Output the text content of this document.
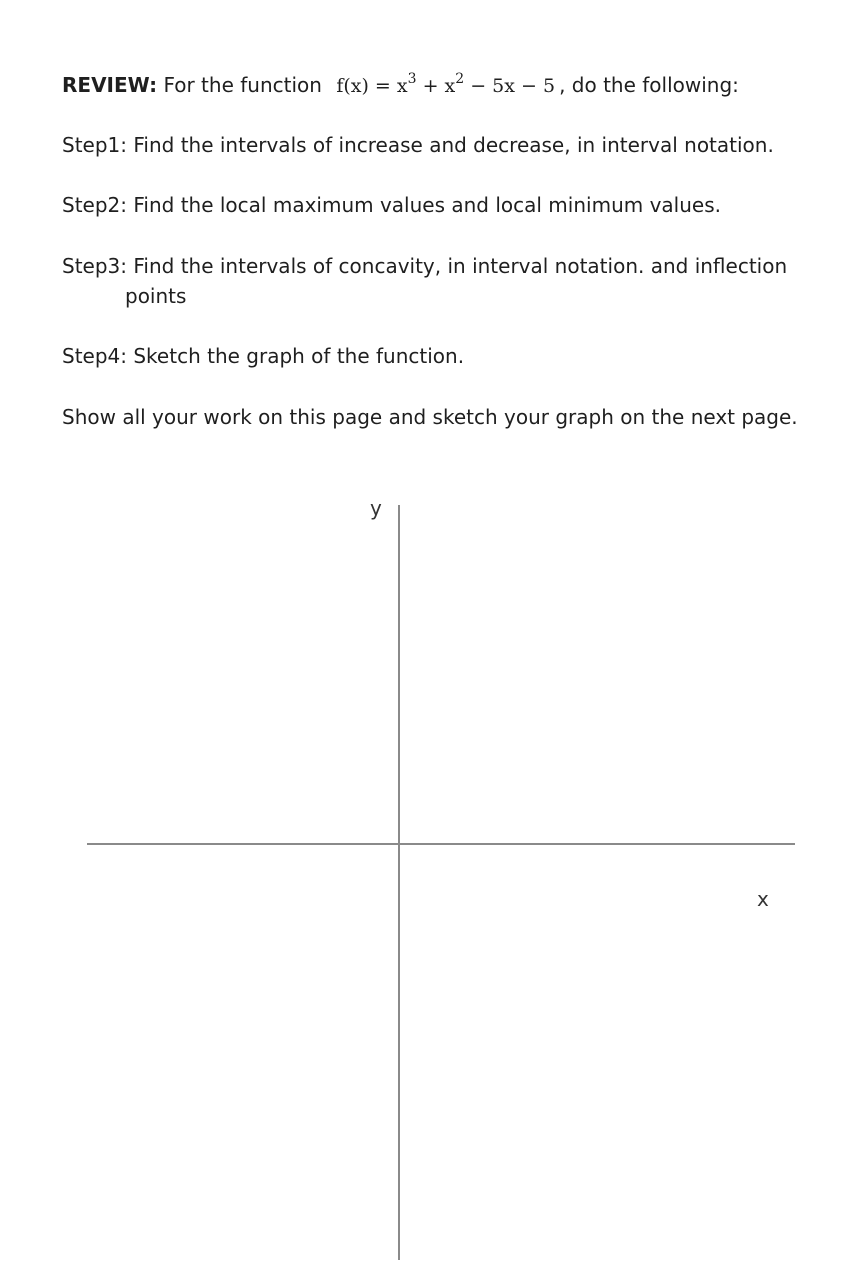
REVIEW: For the function $f(x) = x^3 + x^2 - 5x - 5$ , do the following:
Step1: Find the intervals of increase and decrease, in interval notation.
Step2: Find the local maximum values and local minimum values.
Step3: Find the intervals of concavity, in interval notation. and inflection
points
Step4: Sketch the graph of the function.
Show all your work on this page and sketch your graph on the next page.
y
x
